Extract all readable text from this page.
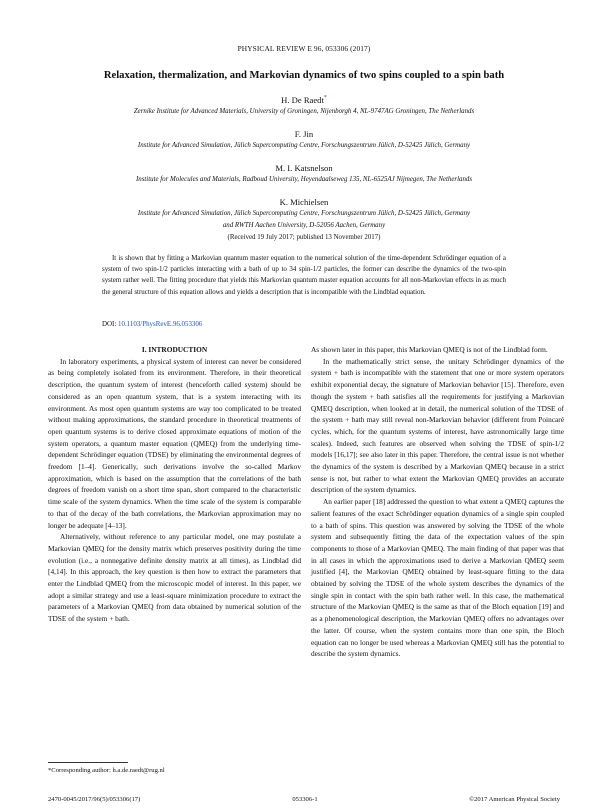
PHYSICAL REVIEW E 96, 053306 (2017)
Relaxation, thermalization, and Markovian dynamics of two spins coupled to a spin bath
H. De Raedt*
Zernike Institute for Advanced Materials, University of Groningen, Nijenborgh 4, NL-9747AG Groningen, The Netherlands
F. Jin
Institute for Advanced Simulation, Jülich Supercomputing Centre, Forschungszentrum Jülich, D-52425 Jülich, Germany
M. I. Katsnelson
Institute for Molecules and Materials, Radboud University, Heyendaalseweg 135, NL-6525AJ Nijmegen, The Netherlands
K. Michielsen
Institute for Advanced Simulation, Jülich Supercomputing Centre, Forschungszentrum Jülich, D-52425 Jülich, Germany
and RWTH Aachen University, D-52056 Aachen, Germany
(Received 19 July 2017; published 13 November 2017)
It is shown that by fitting a Markovian quantum master equation to the numerical solution of the time-dependent Schrödinger equation of a system of two spin-1/2 particles interacting with a bath of up to 34 spin-1/2 particles, the former can describe the dynamics of the two-spin system rather well. The fitting procedure that yields this Markovian quantum master equation accounts for all non-Markovian effects in as much the general structure of this equation allows and yields a description that is incompatible with the Lindblad equation.
DOI: 10.1103/PhysRevE.96.053306

I. INTRODUCTION

In laboratory experiments, a physical system of interest can never be considered as being completely isolated from its environment. Therefore, in their theoretical description, the quantum system of interest (henceforth called system) should be considered as an open quantum system, that is a system interacting with its environment. As most open quantum systems are way too complicated to be treated without making approximations, the standard procedure in theoretical treatments of open quantum systems is to derive closed approximate equations of motion of the system operators, a quantum master equation (QMEQ) from the underlying time-dependent Schrödinger equation (TDSE) by eliminating the environmental degrees of freedom [1–4]. Generically, such derivations involve the so-called Markov approximation, which is based on the assumption that the correlations of the bath degrees of freedom vanish on a short time span, short compared to the characteristic time scale of the system dynamics. When the time scale of the system is comparable to that of the decay of the bath correlations, the Markovian approximation may no longer be adequate [4–13].

Alternatively, without reference to any particular model, one may postulate a Markovian QMEQ for the density matrix which preserves positivity during the time evolution (i.e., a nonnegative definite density matrix at all times), as Lindblad did [4,14]. In this approach, the key question is then how to extract the parameters that enter the Lindblad QMEQ from the microscopic model of interest. In this paper, we adopt a similar strategy and use a least-square minimization procedure to extract the parameters of a Markovian QMEQ from data obtained by numerical solution of the TDSE of the system + bath.

As shown later in this paper, this Markovian QMEQ is not of the Lindblad form.

In the mathematically strict sense, the unitary Schrödinger dynamics of the system + bath is incompatible with the statement that one or more system operators exhibit exponential decay, the signature of Markovian behavior [15]. Therefore, even though the system + bath satisfies all the requirements for justifying a Markovian QMEQ description, when looked at in detail, the numerical solution of the TDSE of the system + bath may still reveal non-Markovian behavior (different from Poincaré cycles, which, for the quantum systems of interest, have astronomically large time scales). Indeed, such features are observed when solving the TDSE of spin-1/2 models [16,17]; see also later in this paper. Therefore, the central issue is not whether the dynamics of the system is described by a Markovian QMEQ because in a strict sense is not, but rather to what extent the Markovian QMEQ provides an accurate description of the system dynamics.

An earlier paper [18] addressed the question to what extent a QMEQ captures the salient features of the exact Schrödinger equation dynamics of a single spin coupled to a bath of spins. This question was answered by solving the TDSE of the whole system and subsequently fitting the data of the expectation values of the spin components to those of a Markovian QMEQ. The main finding of that paper was that in all cases in which the approximations used to derive a Markovian QMEQ seem justified [4], the Markovian QMEQ obtained by least-square fitting to the data obtained by solving the TDSE of the whole system describes the dynamics of the single spin in contact with the spin bath rather well. In this case, the mathematical structure of the Markovian QMEQ is the same as that of the Bloch equation [19] and as a phenomenological description, the Markovian QMEQ offers no advantages over the latter. Of course, when the system contains more than one spin, the Bloch equation can no longer be used whereas a Markovian QMEQ still has the potential to describe the system dynamics.

*Corresponding author: h.a.de.raedt@rug.nl
2470-0045/2017/96(5)/053306(17)	053306-1	©2017 American Physical Society
